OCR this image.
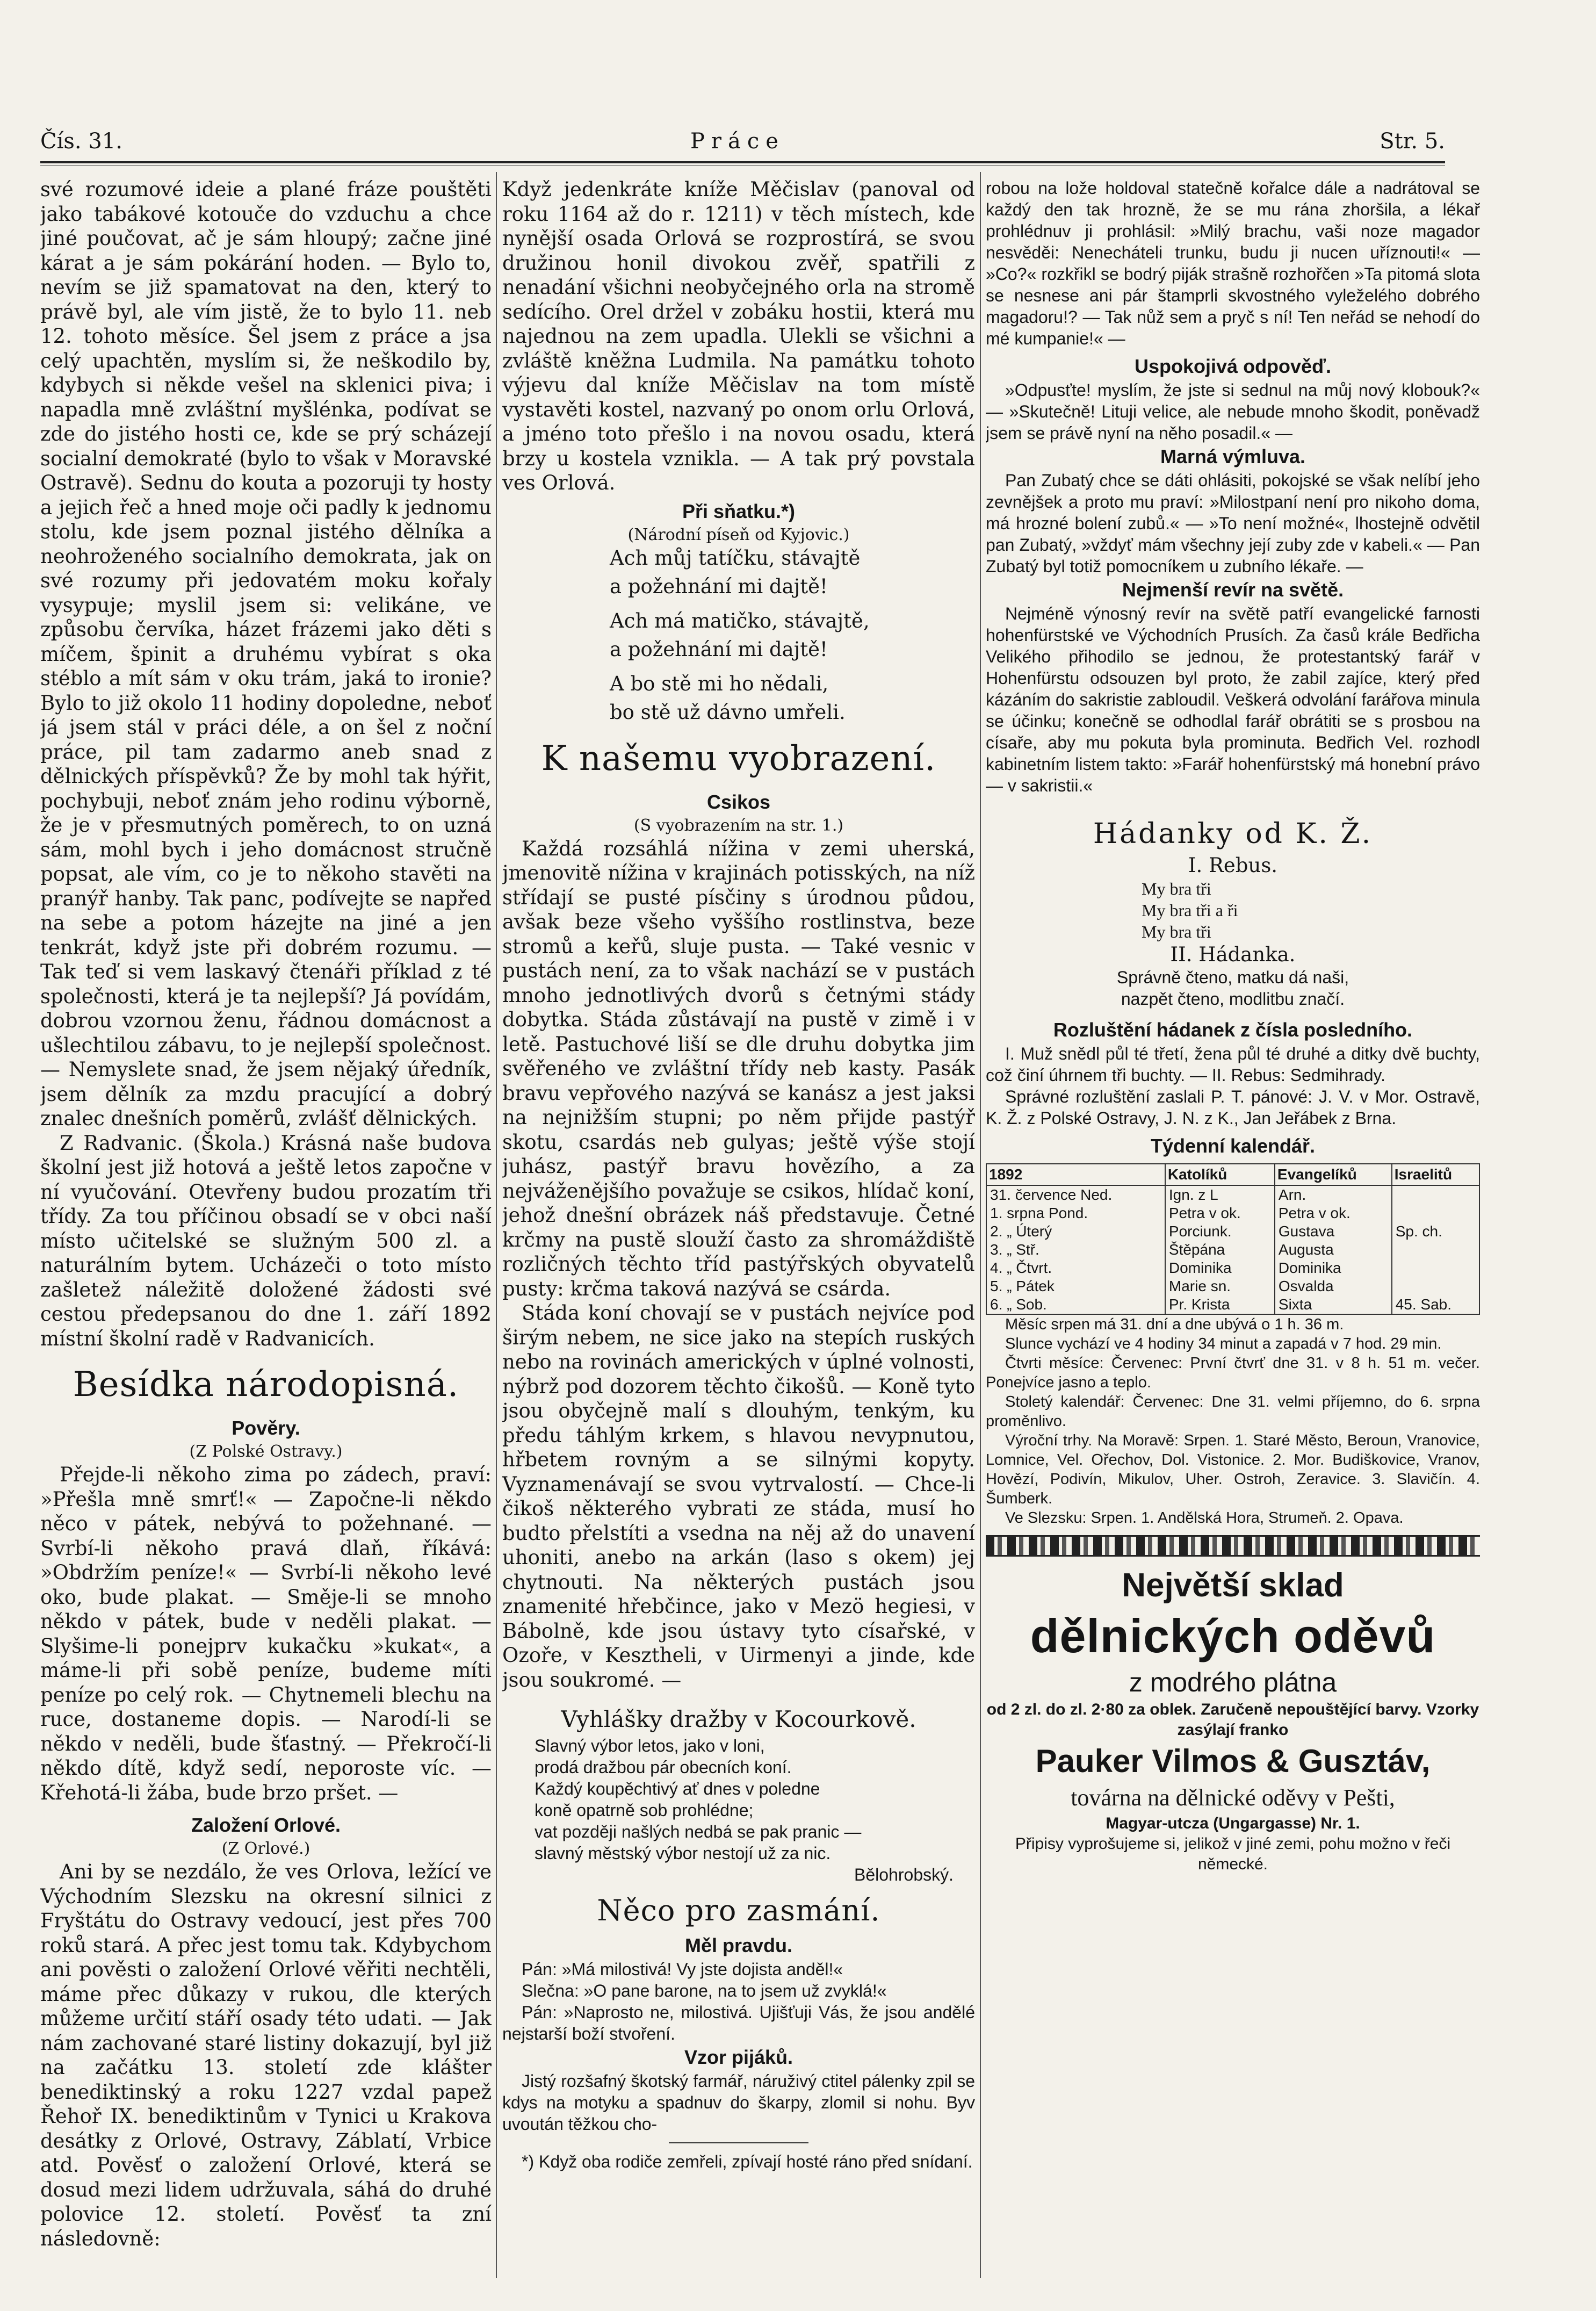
Čís. 31.	Práce	Str. 5.

své rozumové ideie a plané fráze pouštěti jako tabákové kotouče do vzduchu a chce jiné poučovat, ač je sám hloupý; začne jiné kárat a je sám pokárání hoden. — Bylo to, nevím se již spamatovat na den, který to právě byl, ale vím jistě, že to bylo 11. neb 12. tohoto měsíce. Šel jsem z práce a jsa celý upachtěn, myslím si, že neškodilo by, kdybych si někde vešel na sklenici piva; i napadla mně zvláštní myšlénka, podívat se zde do jistého hosti ce, kde se prý scházejí socialní demokraté (bylo to však v Moravské Ostravě). Sednu do kouta a pozoruji ty hosty a jejich řeč a hned moje oči padly k jednomu stolu, kde jsem poznal jistého dělníka a neohroženého socialního demokrata, jak on své rozumy při jedovatém moku kořaly vysypuje; myslil jsem si: velikáne, ve způsobu červíka, házet frázemi jako děti s míčem, špinit a druhému vybírat s oka stéblo a mít sám v oku trám, jaká to ironie? Bylo to již okolo 11 hodiny dopoledne, neboť já jsem stál v práci déle, a on šel z noční práce, pil tam zadarmo aneb snad z dělnických příspěvků? Že by mohl tak hýřit, pochybuji, neboť znám jeho rodinu výborně, že je v přesmutných poměrech, to on uzná sám, mohl bych i jeho domácnost stručně popsat, ale vím, co je to někoho stavěti na pranýř hanby. Tak panc, podívejte se napřed na sebe a potom házejte na jiné a jen tenkrát, když jste při dobrém rozumu. — Tak teď si vem laskavý čtenáři příklad z té společnosti, která je ta nejlepší? Já povídám, dobrou vzornou ženu, řádnou domácnost a ušlechtilou zábavu, to je nejlepší společnost. — Nemyslete snad, že jsem nějaký úředník, jsem dělník za mzdu pracující a dobrý znalec dnešních poměrů, zvlášť dělnických.

Z Radvanic. (Škola.) Krásná naše budova školní jest již hotová a ještě letos započne v ní vyučování. Otevřeny budou prozatím tři třídy. Za tou příčinou obsadí se v obci naší místo učitelské se služným 500 zl. a naturálním bytem. Ucházeči o toto místo zašletež náležitě doložené žádosti své cestou předepsanou do dne 1. září 1892 místní školní radě v Radvanicích.

Besídka národopisná.
Pověry.
(Z Polské Ostravy.)

Přejde-li někoho zima po zádech, praví: »Přešla mně smrť!« — Započne-li někdo něco v pátek, nebývá to požehnané. — Svrbí-li někoho pravá dlaň, říkává: »Obdržím peníze!« — Svrbí-li někoho levé oko, bude plakat. — Směje-li se mnoho někdo v pátek, bude v neděli plakat. — Slyšime-li ponejprv kukačku »kukat«, a máme-li při sobě peníze, budeme míti peníze po celý rok. — Chytnemeli blechu na ruce, dostaneme dopis. — Narodí-li se někdo v neděli, bude šťastný. — Překročí-li někdo dítě, když sedí, neporoste víc. — Křehotá-li žába, bude brzo pršet. —

Založení Orlové.
(Z Orlové.)

Ani by se nezdálo, že ves Orlova, ležící ve Východním Slezsku na okresní silnici z Fryštátu do Ostravy vedoucí, jest přes 700 roků stará. A přec jest tomu tak. Kdybychom ani pověsti o založení Orlové věřiti nechtěli, máme přec důkazy v rukou, dle kterých můžeme určití stáří osady této udati. — Jak nám zachované staré listiny dokazují, byl již na začátku 13. století zde klášter benediktinský a roku 1227 vzdal papež Řehoř IX. benediktinům v Tynici u Krakova desátky z Orlové, Ostravy, Záblatí, Vrbice atd. Pověsť o založení Orlové, která se dosud mezi lidem udržuvala, sáhá do druhé polovice 12. století. Pověsť ta zní následovně:

Když jedenkráte kníže Měčislav (panoval od roku 1164 až do r. 1211) v těch místech, kde nynější osada Orlová se rozprostírá, se svou družinou honil divokou zvěř, spatřili z nenadání všichni neobyčejného orla na stromě sedícího. Orel držel v zobáku hostii, která mu najednou na zem upadla. Ulekli se všichni a zvláště kněžna Ludmila. Na památku tohoto výjevu dal kníže Měčislav na tom místě vystavěti kostel, nazvaný po onom orlu Orlová, a jméno toto přešlo i na novou osadu, která brzy u kostela vznikla. — A tak prý povstala ves Orlová.

Při sňatku.*)
(Národní píseň od Kyjovic.)
Ach můj tatíčku, stávajtě
a požehnání mi dajtě!
Ach má matičko, stávajtě,
a požehnání mi dajtě!
A bo stě mi ho nědali,
bo stě už dávno umřeli.
K našemu vyobrazení.
Csikos
(S vyobrazením na str. 1.)

Každá rozsáhlá nížina v zemi uherská, jmenovitě nížina v krajinách potisských, na níž střídají se pusté písčiny s úrodnou půdou, avšak beze všeho vyššího rostlinstva, beze stromů a keřů, sluje pusta. — Také vesnic v pustách není, za to však nachází se v pustách mnoho jednotlivých dvorů s četnými stády dobytka. Stáda zůstávají na pustě v zimě i v letě. Pastuchové liší se dle druhu dobytka jim svěřeného ve zvláštní třídy neb kasty. Pasák bravu vepřového nazývá se kanász a jest jaksi na nejnižším stupni; po něm přijde pastýř skotu, csardás neb gulyas; ještě výše stojí juhász, pastýř bravu hovězího, a za nejváženějšího považuje se csikos, hlídač koní, jehož dnešní obrázek náš představuje. Četné krčmy na pustě slouží často za shromáždiště rozličných těchto tříd pastýřských obyvatelů pusty: krčma taková nazývá se csárda.

Stáda koní chovají se v pustách nejvíce pod širým nebem, ne sice jako na stepích ruských nebo na rovinách amerických v úplné volnosti, nýbrž pod dozorem těchto čikošů. — Koně tyto jsou obyčejně malí s dlouhým, tenkým, ku předu táhlým krkem, s hlavou nevypnutou, hřbetem rovným a se silnými kopyty. Vyznamenávají se svou vytrvalostí. — Chce-li čikoš některého vybrati ze stáda, musí ho budto přelstíti a vsedna na něj až do unavení uhoniti, anebo na arkán (laso s okem) jej chytnouti. Na některých pustách jsou znamenité hřebčince, jako v Mezö hegiesi, v Bábolně, kde jsou ústavy tyto císařské, v Ozoře, v Kesztheli, v Uirmenyi a jinde, kde jsou soukromé. —

Vyhlášky dražby v Kocourkově.
Slavný výbor letos, jako v loni,
prodá dražbou pár obecních koní.
Každý koupěchtivý ať dnes v poledne
koně opatrně sob prohlédne;
vat později našlých nedbá se pak pranic —
slavný městský výbor nestojí už za nic.
Bělohrobský.
Něco pro zasmání.
Měl pravdu.

Pán: »Má milostivá! Vy jste dojista anděl!«

Slečna: »O pane barone, na to jsem už zvyklá!«

Pán: »Naprosto ne, milostivá. Ujišťuji Vás, že jsou andělé nejstarší boží stvoření.

Vzor pijáků.

Jistý rozšafný škotský farmář, náruživý ctitel pálenky zpil se kdys na motyku a spadnuv do škarpy, zlomil si nohu. Byv uvoután těžkou cho-

*) Když oba rodiče zemřeli, zpívají hosté ráno před snídaní.

robou na lože holdoval statečně kořalce dále a nadrátoval se každý den tak hrozně, že se mu rána zhoršila, a lékař prohlédnuv ji prohlásil: »Milý brachu, vaši noze magador nesvěděi: Nenecháteli trunku, budu ji nucen uříznouti!« — »Co?« rozkřikl se bodrý piják strašně rozhořčen »Ta pitomá slota se nesnese ani pár štamprli skvostného vyleželého dobrého magadoru!? — Tak nůž sem a pryč s ní! Ten neřád se nehodí do mé kumpanie!« —

Uspokojivá odpověď.

»Odpusťte! myslím, že jste si sednul na můj nový klobouk?« — »Skutečně! Lituji velice, ale nebude mnoho škodit, poněvadž jsem se právě nyní na něho posadil.« —

Marná výmluva.

Pan Zubatý chce se dáti ohlásiti, pokojské se však nelíbí jeho zevnějšek a proto mu praví: »Milostpaní není pro nikoho doma, má hrozné bolení zubů.« — »To není možné«, lhostejně odvětil pan Zubatý, »vždyť mám všechny její zuby zde v kabeli.« — Pan Zubatý byl totiž pomocníkem u zubního lékaře. —

Nejmenší revír na světě.

Nejméně výnosný revír na světě patří evangelické farnosti hohenfürstské ve Východních Prusích. Za časů krále Bedřicha Velikého přihodilo se jednou, že protestantský farář v Hohenfürstu odsouzen byl proto, že zabil zajíce, který před kázáním do sakristie zabloudil. Veškerá odvolání farářova minula se účinku; konečně se odhodlal farář obrátiti se s prosbou na císaře, aby mu pokuta byla prominuta. Bedřich Vel. rozhodl kabinetním listem takto: »Farář hohenfürstský má honební právo — v sakristii.«

Hádanky od K. Ž.
I. Rebus.
My bra tři
My bra tři a ři
My bra tři
II. Hádanka.
Správně čteno, matku dá naši,
nazpět čteno, modlitbu značí.
Rozluštění hádanek z čísla posledního.

I. Muž snědl půl té třetí, žena půl té druhé a ditky dvě buchty, což činí úhrnem tři buchty. — II. Rebus: Sedmihrady.

Správné rozluštění zaslali P. T. pánové: J. V. v Mor. Ostravě, K. Ž. z Polské Ostravy, J. N. z K., Jan Jeřábek z Brna.

Týdenní kalendář.
1892	Katolíků	Evangelíků	Israelitů
31. července Ned.	Ign. z L	Arn.	
1. srpna Pond.	Petra v ok.	Petra v ok.	
2. „ Úterý	Porciunk.	Gustava	Sp. ch.
3. „ Stř.	Štěpána	Augusta	
4. „ Čtvrt.	Dominika	Dominika	
5. „ Pátek	Marie sn.	Osvalda	
6. „ Sob.	Pr. Krista	Sixta	45. Sab.

Měsíc srpen má 31. dní a dne ubývá o 1 h. 36 m.

Slunce vychází ve 4 hodiny 34 minut a zapadá v 7 hod. 29 min.

Čtvrti měsíce: Červenec: První čtvrť dne 31. v 8 h. 51 m. večer. Ponejvíce jasno a teplo.

Stoletý kalendář: Červenec: Dne 31. velmi příjemno, do 6. srpna proměnlivo.

Výroční trhy. Na Moravě: Srpen. 1. Staré Město, Beroun, Vranovice, Lomnice, Vel. Ořechov, Dol. Vistonice. 2. Mor. Budiškovice, Vranov, Hovězí, Podivín, Mikulov, Uher. Ostroh, Zeravice. 3. Slavičín. 4. Šumberk.

Ve Slezsku: Srpen. 1. Andělská Hora, Strumeň. 2. Opava.

Největší sklad
dělnických oděvů
z modrého plátna
od 2 zl. do zl. 2·80 za oblek. Zaručeně nepouštějící barvy. Vzorky zasýlají franko
Pauker Vilmos & Gusztáv,
továrna na dělnické oděvy v Pešti,
Magyar-utcza (Ungargasse) Nr. 1.
Připisy vyprošujeme si, jelikož v jiné zemi, pohu možno v řeči německé.
